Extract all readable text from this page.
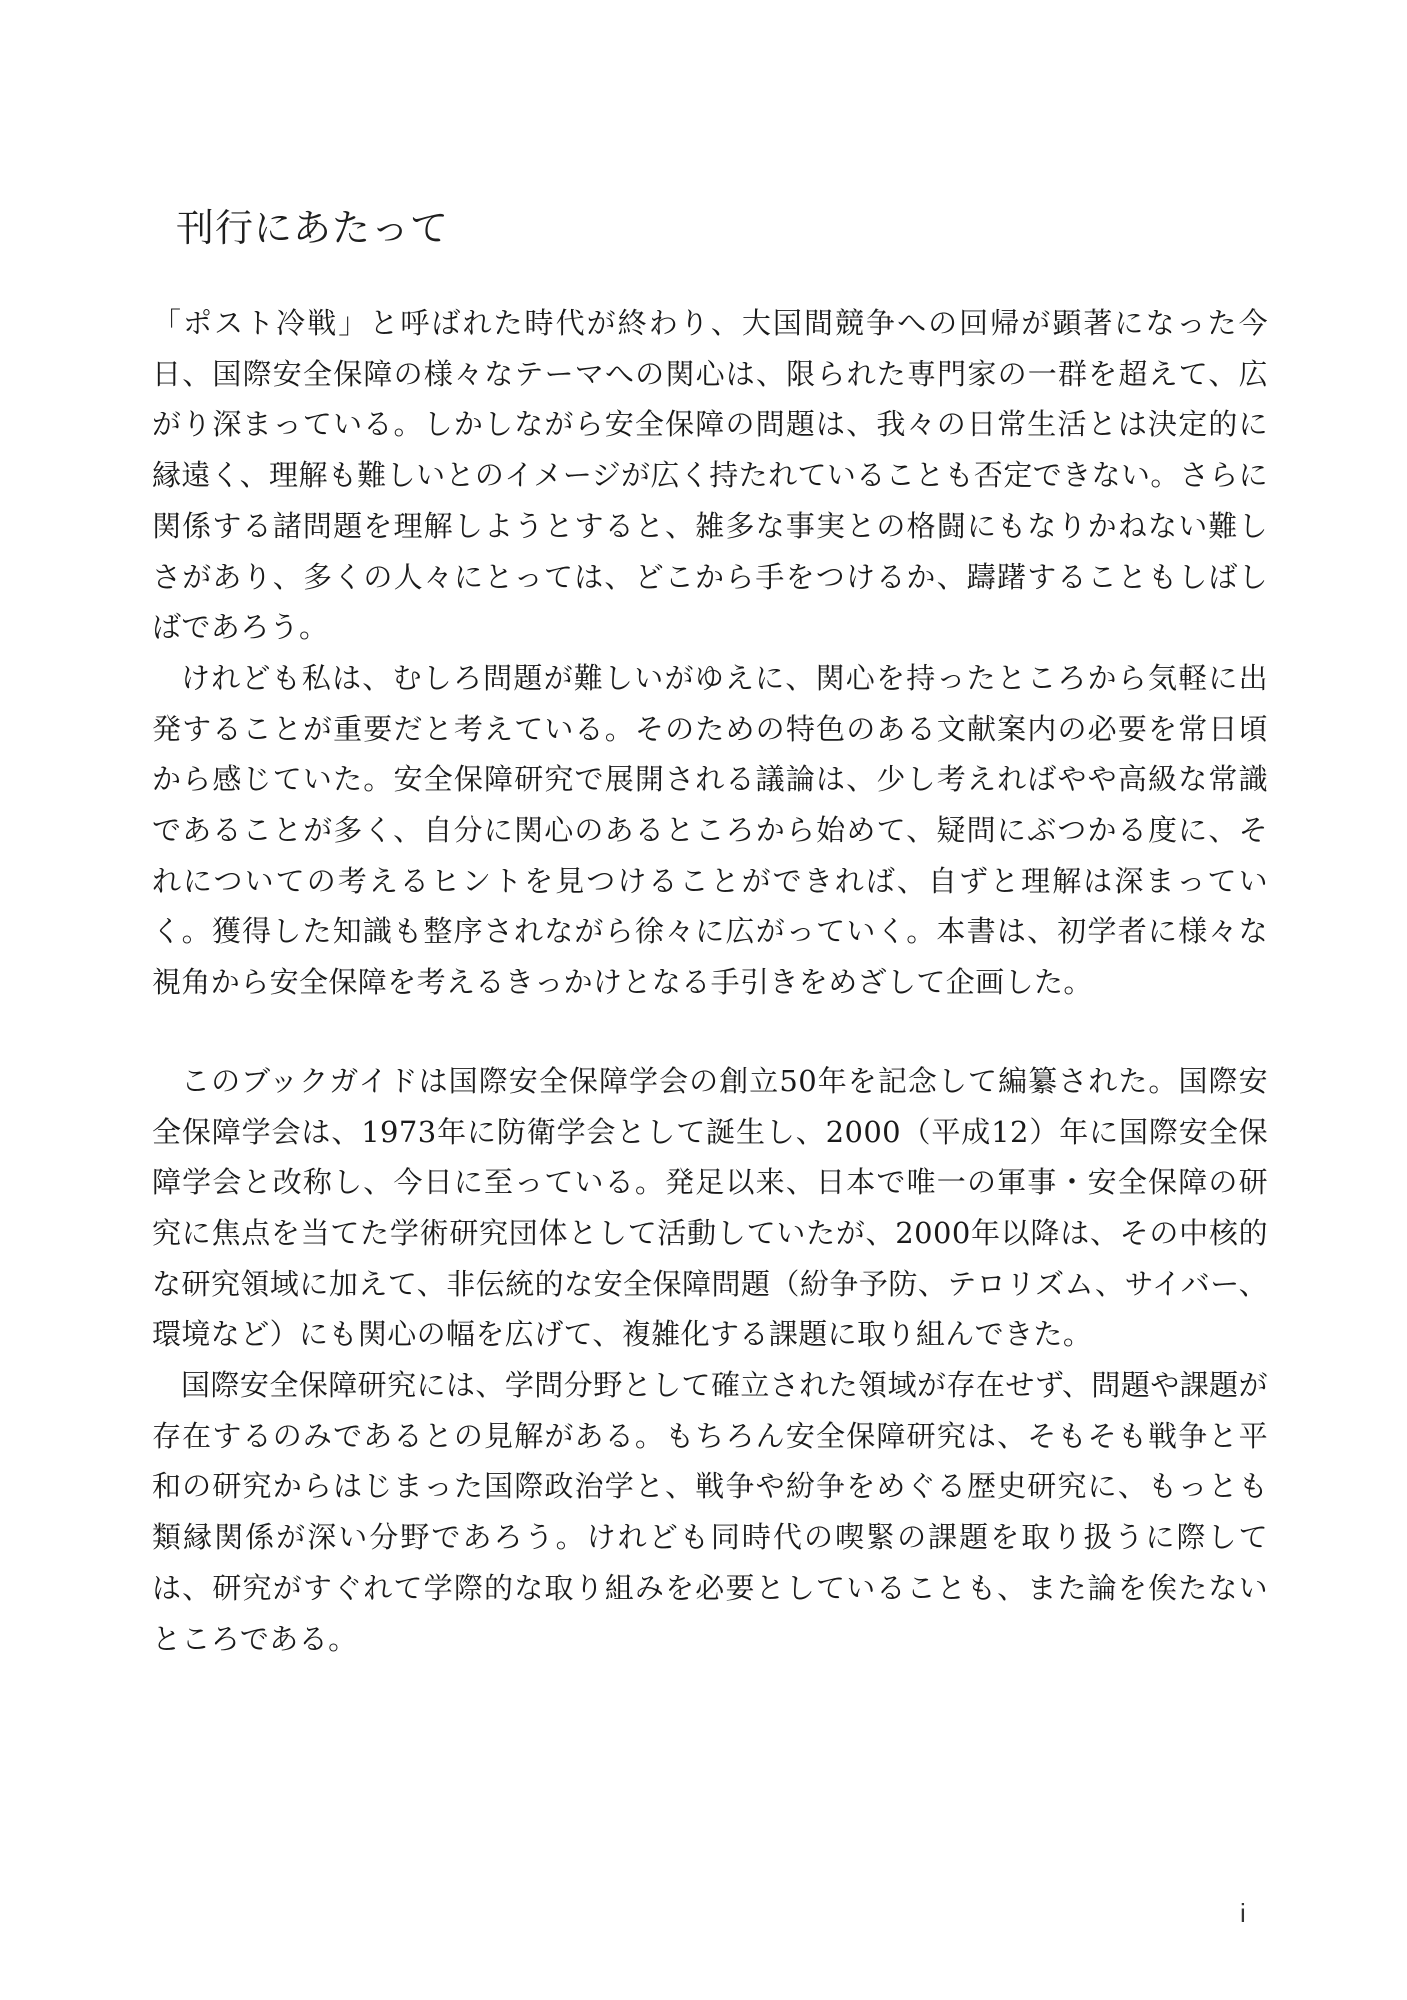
刊行にあたって

「ポスト冷戦」と呼ばれた時代が終わり、大国間競争への回帰が顕著になった今日、国際安全保障の様々なテーマへの関心は、限られた専門家の一群を超えて、広がり深まっている。しかしながら安全保障の問題は、我々の日常生活とは決定的に縁遠く、理解も難しいとのイメージが広く持たれていることも否定できない。さらに関係する諸問題を理解しようとすると、雑多な事実との格闘にもなりかねない難しさがあり、多くの人々にとっては、どこから手をつけるか、躊躇することもしばしばであろう。

けれども私は、むしろ問題が難しいがゆえに、関心を持ったところから気軽に出発することが重要だと考えている。そのための特色のある文献案内の必要を常日頃から感じていた。安全保障研究で展開される議論は、少し考えればやや高級な常識であることが多く、自分に関心のあるところから始めて、疑問にぶつかる度に、それについての考えるヒントを見つけることができれば、自ずと理解は深まっていく。獲得した知識も整序されながら徐々に広がっていく。本書は、初学者に様々な視角から安全保障を考えるきっかけとなる手引きをめざして企画した。

このブックガイドは国際安全保障学会の創立50年を記念して編纂された。国際安全保障学会は、1973年に防衛学会として誕生し、2000（平成12）年に国際安全保障学会と改称し、今日に至っている。発足以来、日本で唯一の軍事・安全保障の研究に焦点を当てた学術研究団体として活動していたが、2000年以降は、その中核的な研究領域に加えて、非伝統的な安全保障問題（紛争予防、テロリズム、サイバー、環境など）にも関心の幅を広げて、複雑化する課題に取り組んできた。

国際安全保障研究には、学問分野として確立された領域が存在せず、問題や課題が存在するのみであるとの見解がある。もちろん安全保障研究は、そもそも戦争と平和の研究からはじまった国際政治学と、戦争や紛争をめぐる歴史研究に、もっとも類縁関係が深い分野であろう。けれども同時代の喫緊の課題を取り扱うに際しては、研究がすぐれて学際的な取り組みを必要としていることも、また論を俟たないところである。

i
